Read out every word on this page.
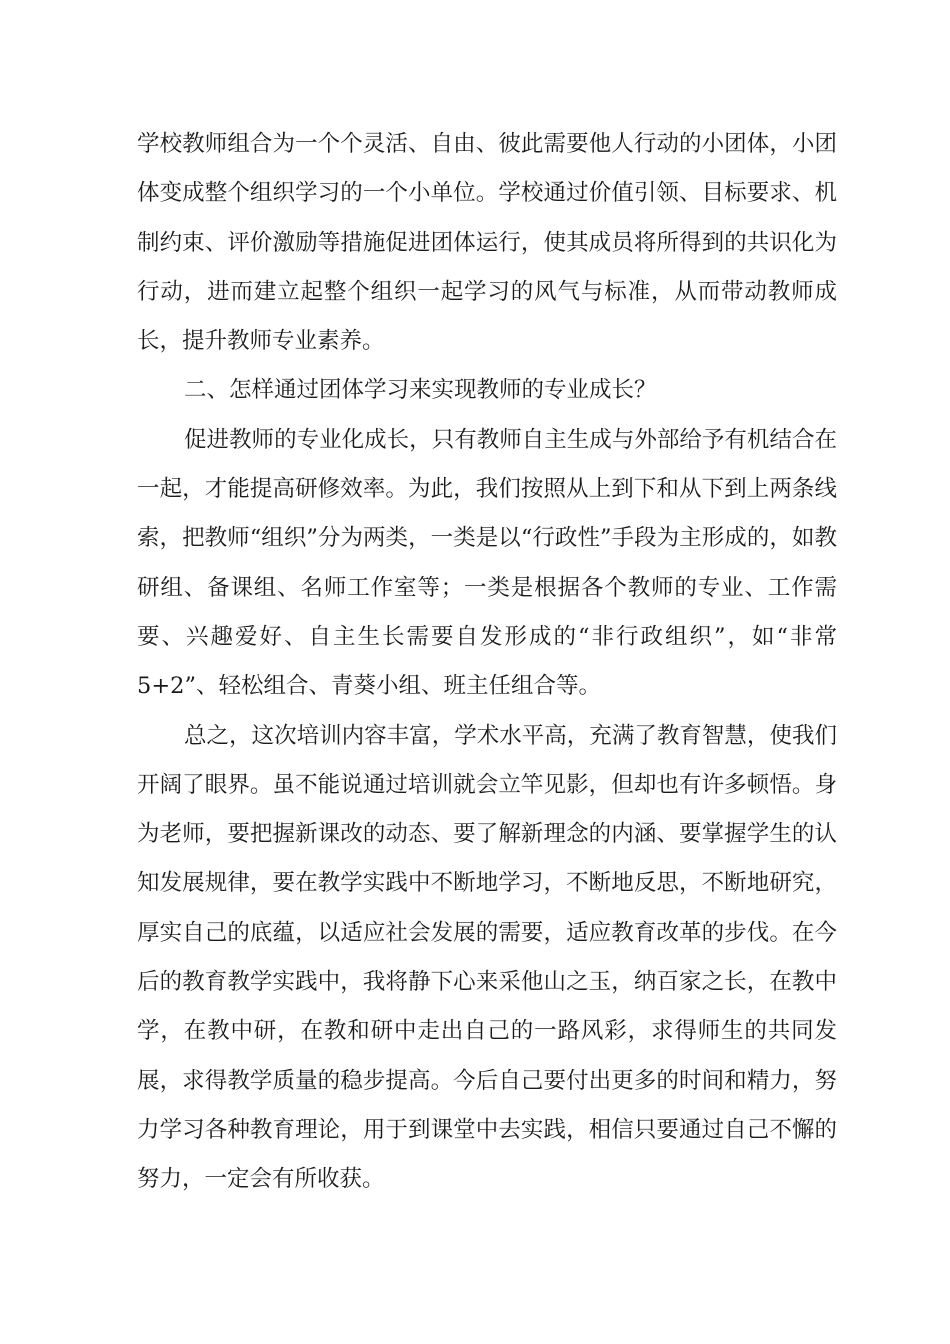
学校教师组合为一个个灵活、自由、彼此需要他人行动的小团体，小团体变成整个组织学习的一个小单位。学校通过价值引领、目标要求、机制约束、评价激励等措施促进团体运行，使其成员将所得到的共识化为行动，进而建立起整个组织一起学习的风气与标准，从而带动教师成长，提升教师专业素养。

二、怎样通过团体学习来实现教师的专业成长？

促进教师的专业化成长，只有教师自主生成与外部给予有机结合在一起，才能提高研修效率。为此，我们按照从上到下和从下到上两条线索，把教师“组织”分为两类，一类是以“行政性”手段为主形成的，如教研组、备课组、名师工作室等；一类是根据各个教师的专业、工作需要、兴趣爱好、自主生长需要自发形成的“非行政组织”，如“非常5+2”、轻松组合、青葵小组、班主任组合等。

总之，这次培训内容丰富，学术水平高，充满了教育智慧，使我们开阔了眼界。虽不能说通过培训就会立竿见影，但却也有许多顿悟。身为老师，要把握新课改的动态、要了解新理念的内涵、要掌握学生的认知发展规律，要在教学实践中不断地学习，不断地反思，不断地研究，厚实自己的底蕴，以适应社会发展的需要，适应教育改革的步伐。在今后的教育教学实践中，我将静下心来采他山之玉，纳百家之长，在教中学，在教中研，在教和研中走出自己的一路风彩，求得师生的共同发展，求得教学质量的稳步提高。今后自己要付出更多的时间和精力，努力学习各种教育理论，用于到课堂中去实践，相信只要通过自己不懈的努力，一定会有所收获。
